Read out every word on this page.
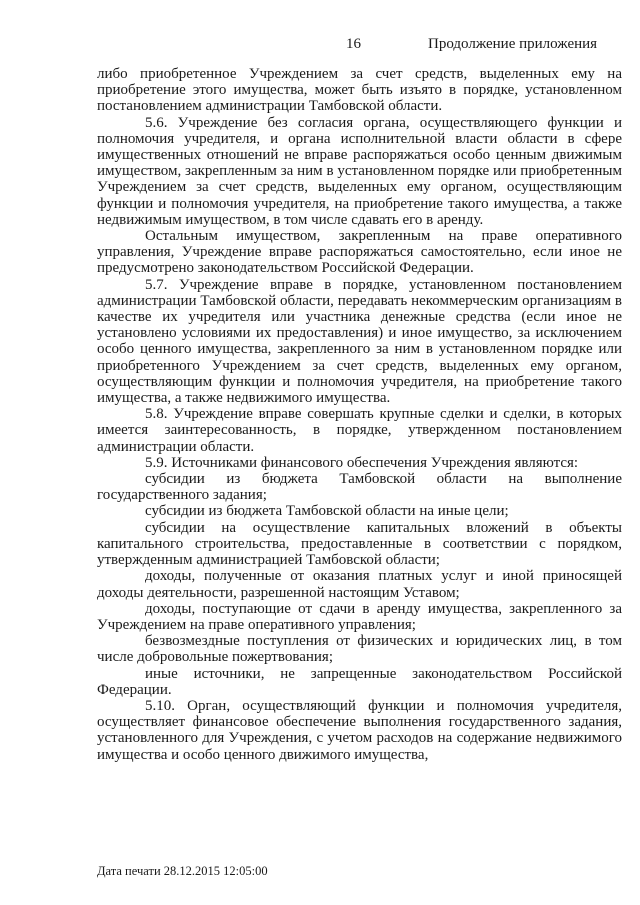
16	Продолжение приложения

либо приобретенное Учреждением за счет средств, выделенных ему на приобретение этого имущества, может быть изъято в порядке, установленном постановлением администрации Тамбовской области.

5.6. Учреждение без согласия органа, осуществляющего функции и полномочия учредителя, и органа исполнительной власти области в сфере имущественных отношений не вправе распоряжаться особо ценным движимым имуществом, закрепленным за ним в установленном порядке или приобретенным Учреждением за счет средств, выделенных ему органом, осуществляющим функции и полномочия учредителя, на приобретение такого имущества, а также недвижимым имуществом, в том числе сдавать его в аренду.

Остальным имуществом, закрепленным на праве оперативного управления, Учреждение вправе распоряжаться самостоятельно, если иное не предусмотрено законодательством Российской Федерации.

5.7. Учреждение вправе в порядке, установленном постановлением администрации Тамбовской области, передавать некоммерческим организациям в качестве их учредителя или участника денежные средства (если иное не установлено условиями их предоставления) и иное имущество, за исключением особо ценного имущества, закрепленного за ним в установленном порядке или приобретенного Учреждением за счет средств, выделенных ему органом, осуществляющим функции и полномочия учредителя, на приобретение такого имущества, а также недвижимого имущества.

5.8. Учреждение вправе совершать крупные сделки и сделки, в которых имеется заинтересованность, в порядке, утвержденном постановлением администрации области.

5.9. Источниками финансового обеспечения Учреждения являются:

субсидии из бюджета Тамбовской области на выполнение государственного задания;

субсидии из бюджета Тамбовской области на иные цели;

субсидии на осуществление капитальных вложений в объекты капитального строительства, предоставленные в соответствии с порядком, утвержденным администрацией Тамбовской области;

доходы, полученные от оказания платных услуг и иной приносящей доходы деятельности, разрешенной настоящим Уставом;

доходы, поступающие от сдачи в аренду имущества, закрепленного за Учреждением на праве оперативного управления;

безвозмездные поступления от физических и юридических лиц, в том числе добровольные пожертвования;

иные источники, не запрещенные законодательством Российской Федерации.

5.10. Орган, осуществляющий функции и полномочия учредителя, осуществляет финансовое обеспечение выполнения государственного задания, установленного для Учреждения, с учетом расходов на содержание недвижимого имущества и особо ценного движимого имущества,

Дата печати 28.12.2015 12:05:00
